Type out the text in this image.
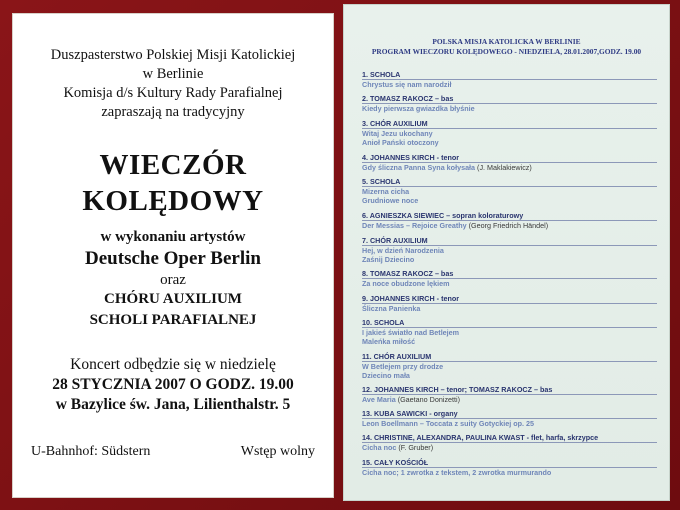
Duszpasterstwo Polskiej Misji Katolickiej
w Berlinie
Komisja d/s Kultury Rady Parafialnej
zapraszają na tradycyjny
WIECZÓR
KOLĘDOWY
w wykonaniu artystów
Deutsche Oper Berlin
oraz
CHÓRU AUXILIUM
SCHOLI PARAFIALNEJ
Koncert odbędzie się w niedzielę
28 STYCZNIA 2007 O GODZ. 19.00
w Bazylice św. Jana, Lilienthalstr. 5
U-Bahnhof: Südstern	Wstęp wolny
POLSKA MISJA KATOLICKA W BERLINIE
PROGRAM WIECZORU KOLĘDOWEGO - NIEDZIELA, 28.01.2007,GODZ. 19.00
1. SCHOLA
Chrystus się nam narodził
2. TOMASZ RAKOCZ – bas
Kiedy pierwsza gwiazdka błyśnie
3. CHÓR AUXILIUM
Witaj Jezu ukochany
Anioł Pański otoczony
4. JOHANNES KIRCH - tenor
Gdy śliczna Panna Syna kołysała (J. Maklakiewicz)
5. SCHOLA
Mizerna cicha
Grudniowe noce
6. AGNIESZKA SIEWIEC – sopran koloraturowy
Der Messias – Rejoice Greathy (Georg Friedrich Händel)
7. CHÓR AUXILIUM
Hej, w dzień Narodzenia
Zaśnij Dziecino
8. TOMASZ RAKOCZ – bas
Za noce obudzone lękiem
9. JOHANNES KIRCH - tenor
Śliczna Panienka
10. SCHOLA
I jakieś światło nad Betlejem
Maleńka miłość
11. CHÓR AUXILIUM
W Betlejem przy drodze
Dziecino mała
12. JOHANNES KIRCH – tenor; TOMASZ RAKOCZ – bas
Ave Maria (Gaetano Donizetti)
13. KUBA SAWICKI - organy
Leon Boellmann – Toccata z suity Gotyckiej op. 25
14. CHRISTINE, ALEXANDRA, PAULINA KWAST - flet, harfa, skrzypce
Cicha noc (F. Gruber)
15. CAŁY KOŚCIÓŁ
Cicha noc; 1 zwrotka z tekstem, 2 zwrotka murmurando
